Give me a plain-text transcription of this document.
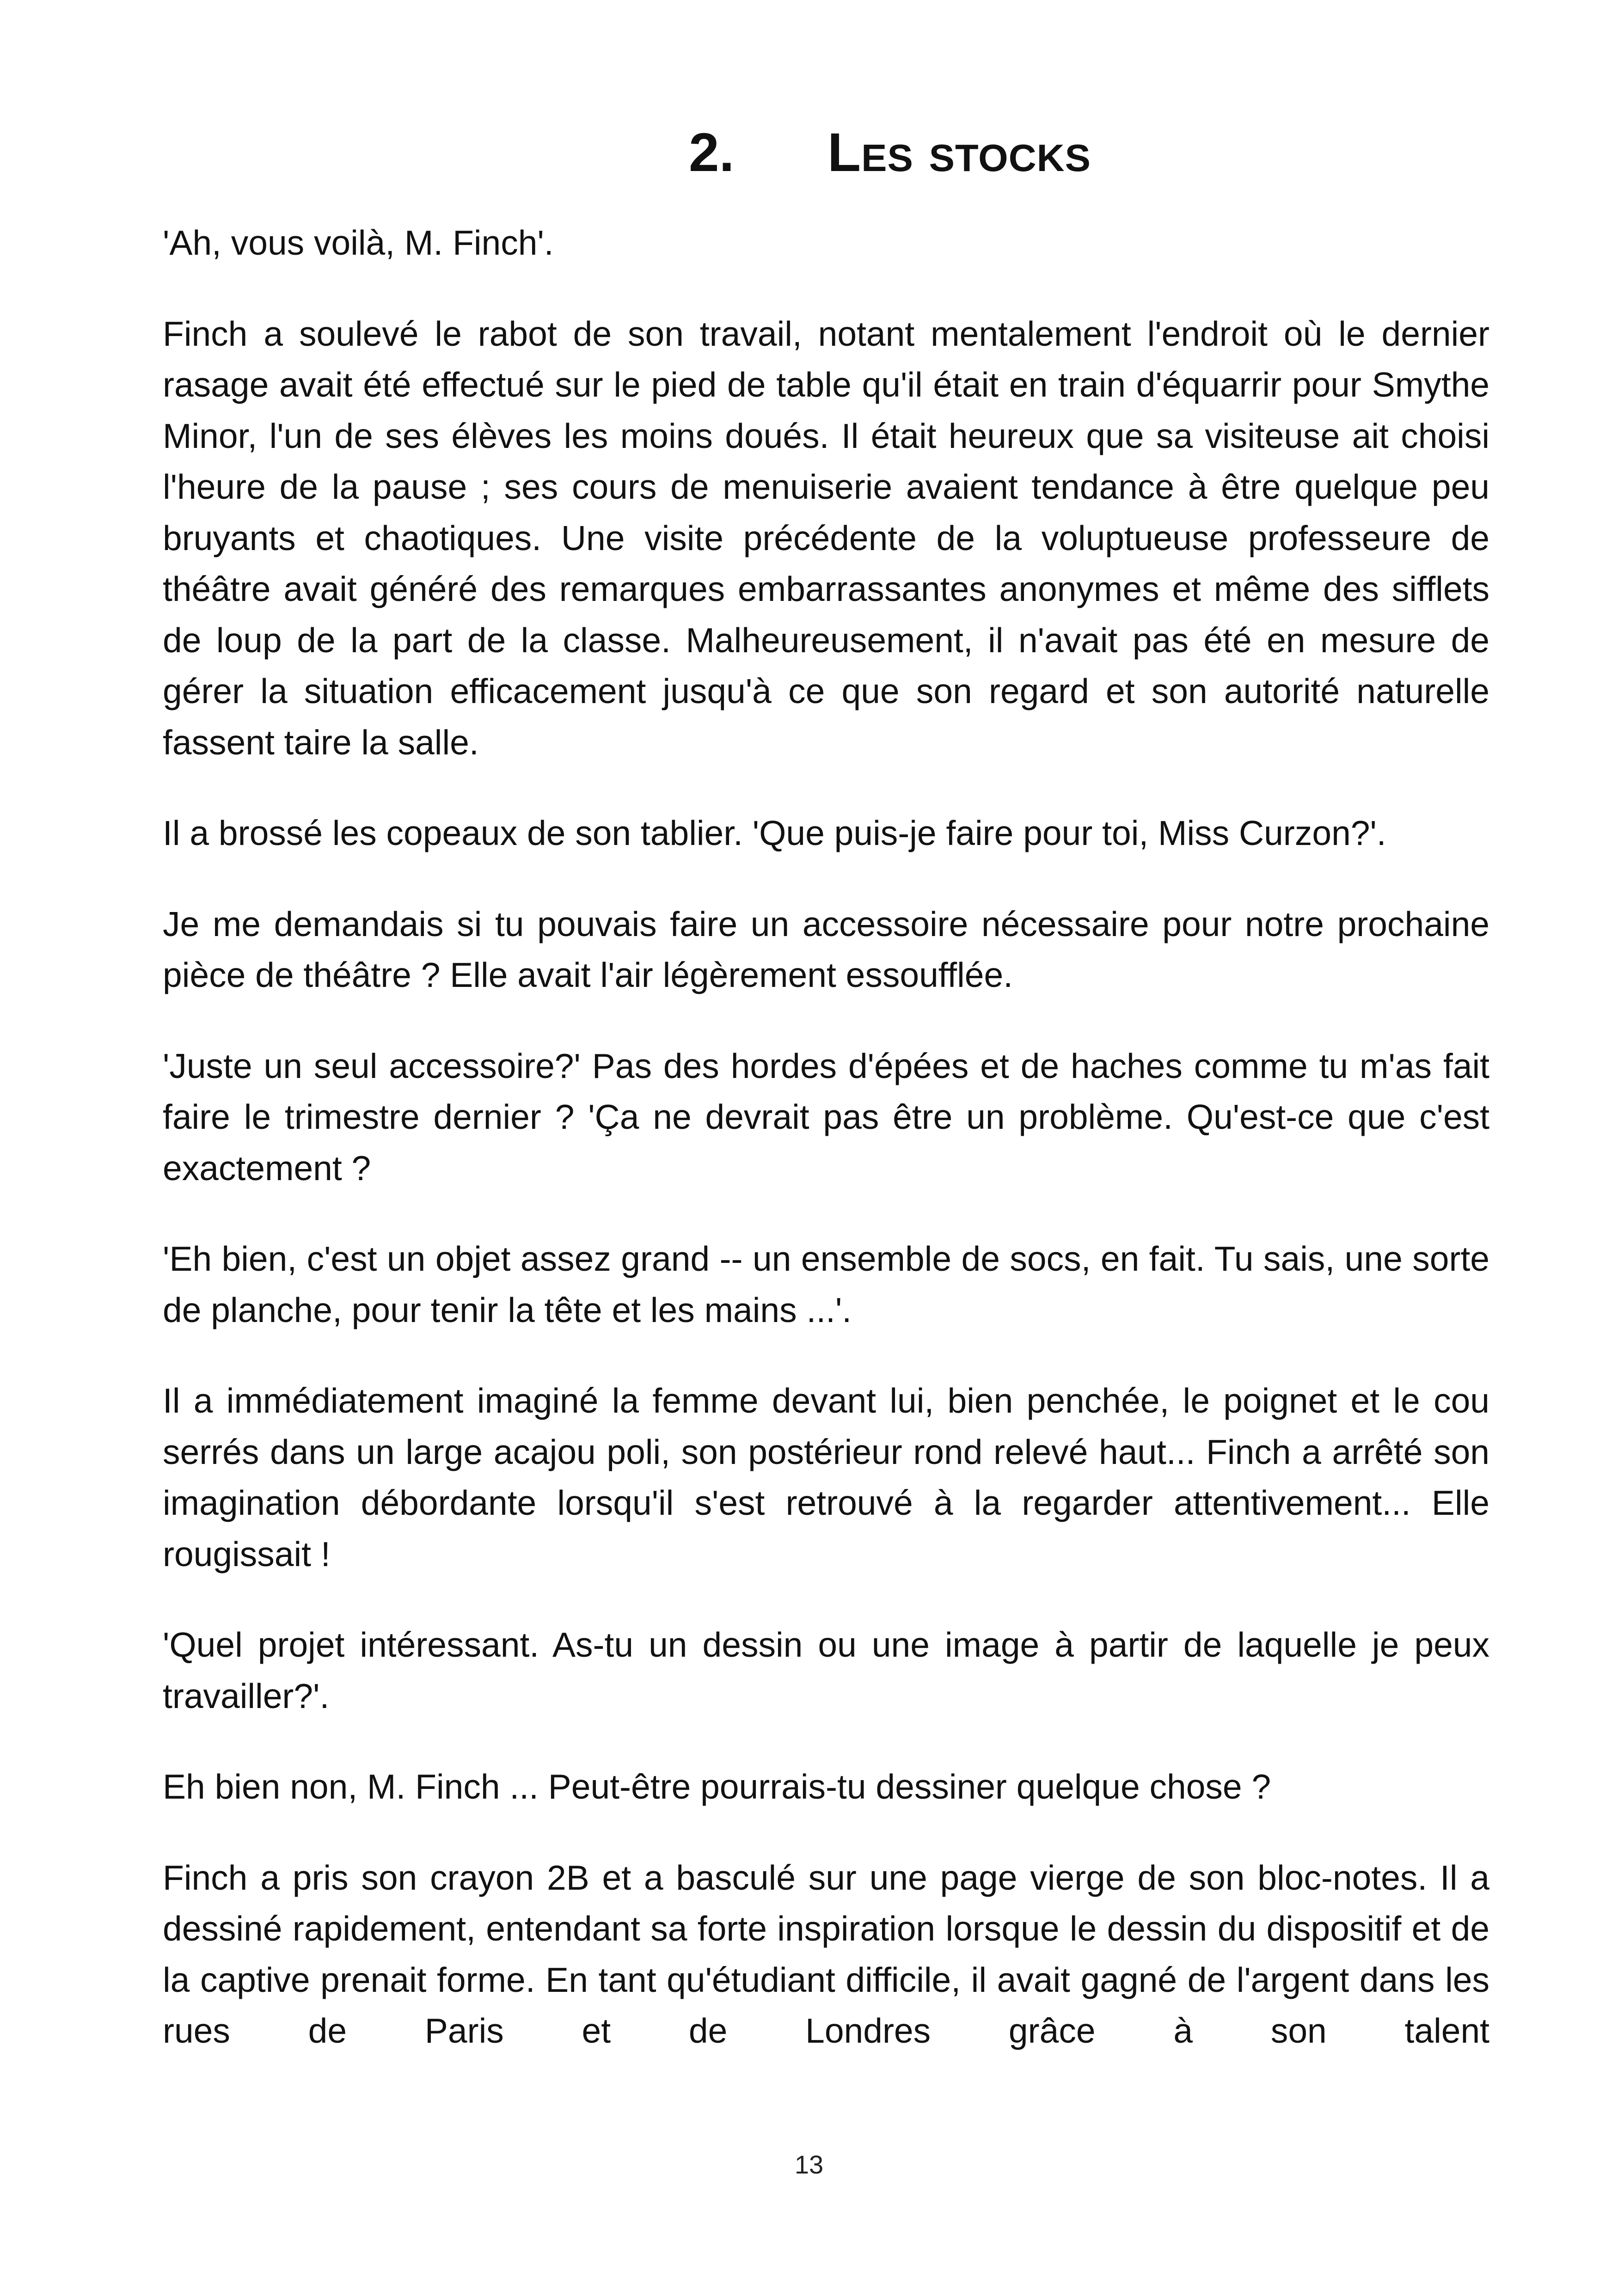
2.	Les stocks

'Ah, vous voilà, M. Finch'.

Finch a soulevé le rabot de son travail, notant mentalement l'endroit où le dernier rasage avait été effectué sur le pied de table qu'il était en train d'équarrir pour Smythe Minor, l'un de ses élèves les moins doués. Il était heureux que sa visiteuse ait choisi l'heure de la pause ; ses cours de menuiserie avaient tendance à être quelque peu bruyants et chaotiques. Une visite précédente de la voluptueuse professeure de théâtre avait généré des remarques embarrassantes anonymes et même des sifflets de loup de la part de la classe. Malheureusement, il n'avait pas été en mesure de gérer la situation efficacement jusqu'à ce que son regard et son autorité naturelle fassent taire la salle.

Il a brossé les copeaux de son tablier. 'Que puis-je faire pour toi, Miss Curzon?'.

Je me demandais si tu pouvais faire un accessoire nécessaire pour notre prochaine pièce de théâtre ? Elle avait l'air légèrement essoufflée.

'Juste un seul accessoire?' Pas des hordes d'épées et de haches comme tu m'as fait faire le trimestre dernier ? 'Ça ne devrait pas être un problème. Qu'est-ce que c'est exactement ?

'Eh bien, c'est un objet assez grand -- un ensemble de socs, en fait. Tu sais, une sorte de planche, pour tenir la tête et les mains ...'.

Il a immédiatement imaginé la femme devant lui, bien penchée, le poignet et le cou serrés dans un large acajou poli, son postérieur rond relevé haut... Finch a arrêté son imagination débordante lorsqu'il s'est retrouvé à la regarder attentivement... Elle rougissait !

'Quel projet intéressant. As-tu un dessin ou une image à partir de laquelle je peux travailler?'.

Eh bien non, M. Finch ... Peut-être pourrais-tu dessiner quelque chose ?

Finch a pris son crayon 2B et a basculé sur une page vierge de son bloc-notes. Il a dessiné rapidement, entendant sa forte inspiration lorsque le dessin du dispositif et de la captive prenait forme. En tant qu'étudiant difficile, il avait gagné de l'argent dans les rues de Paris et de Londres grâce à son talent

13
